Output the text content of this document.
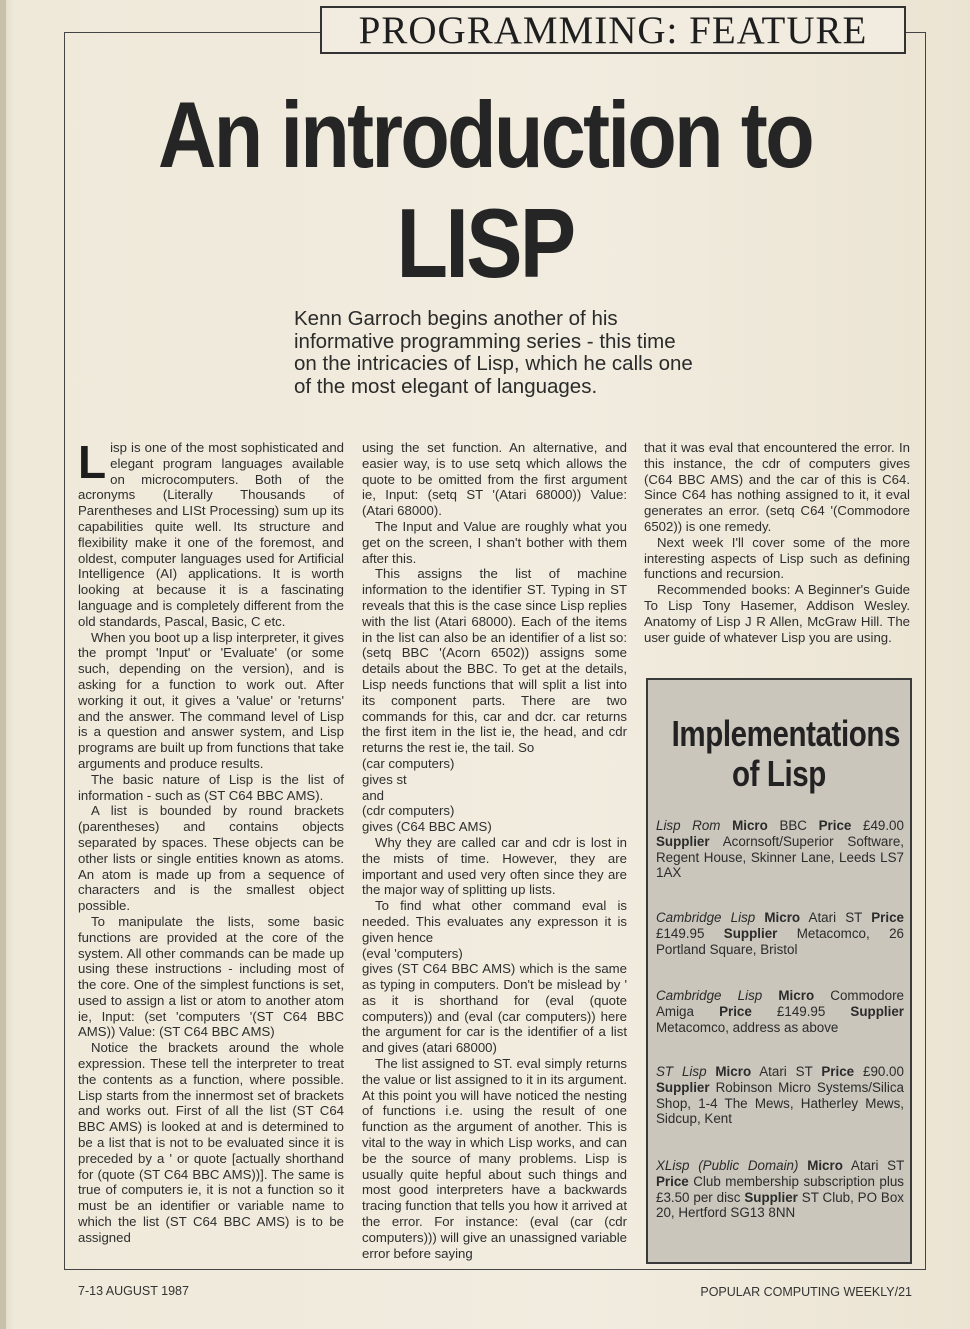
PROGRAMMING: FEATURE
An introduction to
LISP
Kenn Garroch begins another of his informative programming series - this time on the intricacies of Lisp, which he calls one of the most elegant of languages.

Lisp is one of the most sophisticated and elegant program languages available on microcomputers. Both of the acronyms (Literally Thousands of Parentheses and LISt Processing) sum up its capabilities quite well. Its structure and flexibility make it one of the foremost, and oldest, computer languages used for Artificial Intelligence (AI) applications. It is worth looking at because it is a fascinating language and is completely different from the old standards, Pascal, Basic, C etc.

When you boot up a lisp interpreter, it gives the prompt 'Input' or 'Evaluate' (or some such, depending on the version), and is asking for a function to work out. After working it out, it gives a 'value' or 'returns' and the answer. The command level of Lisp is a question and answer system, and Lisp programs are built up from functions that take arguments and produce results.

The basic nature of Lisp is the list of information - such as (ST C64 BBC AMS).

A list is bounded by round brackets (parentheses) and contains objects separated by spaces. These objects can be other lists or single entities known as atoms. An atom is made up from a sequence of characters and is the smallest object possible.

To manipulate the lists, some basic functions are provided at the core of the system. All other commands can be made up using these instructions - including most of the core. One of the simplest functions is set, used to assign a list or atom to another atom ie, Input: (set 'computers '(ST C64 BBC AMS)) Value: (ST C64 BBC AMS)

Notice the brackets around the whole expression. These tell the interpreter to treat the contents as a function, where possible. Lisp starts from the innermost set of brackets and works out. First of all the list (ST C64 BBC AMS) is looked at and is determined to be a list that is not to be evaluated since it is preceded by a ' or quote [actually shorthand for (quote (ST C64 BBC AMS))]. The same is true of computers ie, it is not a function so it must be an identifier or variable name to which the list (ST C64 BBC AMS) is to be assigned

using the set function. An alternative, and easier way, is to use setq which allows the quote to be omitted from the first argument ie, Input: (setq ST '(Atari 68000)) Value: (Atari 68000).

The Input and Value are roughly what you get on the screen, I shan't bother with them after this.

This assigns the list of machine information to the identifier ST. Typing in ST reveals that this is the case since Lisp replies with the list (Atari 68000). Each of the items in the list can also be an identifier of a list so: (setq BBC '(Acorn 6502)) assigns some details about the BBC. To get at the details, Lisp needs functions that will split a list into its component parts. There are two commands for this, car and dcr. car returns the first item in the list ie, the head, and cdr returns the rest ie, the tail. So

(car computers)

gives st

and

(cdr computers)

gives (C64 BBC AMS)

Why they are called car and cdr is lost in the mists of time. However, they are important and used very often since they are the major way of splitting up lists.

To find what other command eval is needed. This evaluates any expresson it is given hence

(eval 'computers)

gives (ST C64 BBC AMS) which is the same as typing in computers. Don't be mislead by ' as it is shorthand for (eval (quote computers)) and (eval (car computers)) here the argument for car is the identifier of a list and gives (atari 68000)

The list assigned to ST. eval simply returns the value or list assigned to it in its argument. At this point you will have noticed the nesting of functions i.e. using the result of one function as the argument of another. This is vital to the way in which Lisp works, and can be the source of many problems. Lisp is usually quite hepful about such things and most good interpreters have a backwards tracing function that tells you how it arrived at the error. For instance: (eval (car (cdr computers))) will give an unassigned variable error before saying

that it was eval that encountered the error. In this instance, the cdr of computers gives (C64 BBC AMS) and the car of this is C64. Since C64 has nothing assigned to it, it eval generates an error. (setq C64 '(Commodore 6502)) is one remedy.

Next week I'll cover some of the more interesting aspects of Lisp such as defining functions and recursion.

Recommended books: A Beginner's Guide To Lisp Tony Hasemer, Addison Wesley. Anatomy of Lisp J R Allen, McGraw Hill. The user guide of whatever Lisp you are using.

Implementations
of Lisp
Lisp Rom Micro BBC Price £49.00 Supplier Acornsoft/Superior Software, Regent House, Skinner Lane, Leeds LS7 1AX
Cambridge Lisp Micro Atari ST Price £149.95 Supplier Metacomco, 26 Portland Square, Bristol
Cambridge Lisp Micro Commodore Amiga Price £149.95 Supplier Metacomco, address as above
ST Lisp Micro Atari ST Price £90.00 Supplier Robinson Micro Systems/Silica Shop, 1-4 The Mews, Hatherley Mews, Sidcup, Kent
XLisp (Public Domain) Micro Atari ST Price Club membership subscription plus £3.50 per disc Supplier ST Club, PO Box 20, Hertford SG13 8NN
7-13 AUGUST 1987	POPULAR COMPUTING WEEKLY/21
